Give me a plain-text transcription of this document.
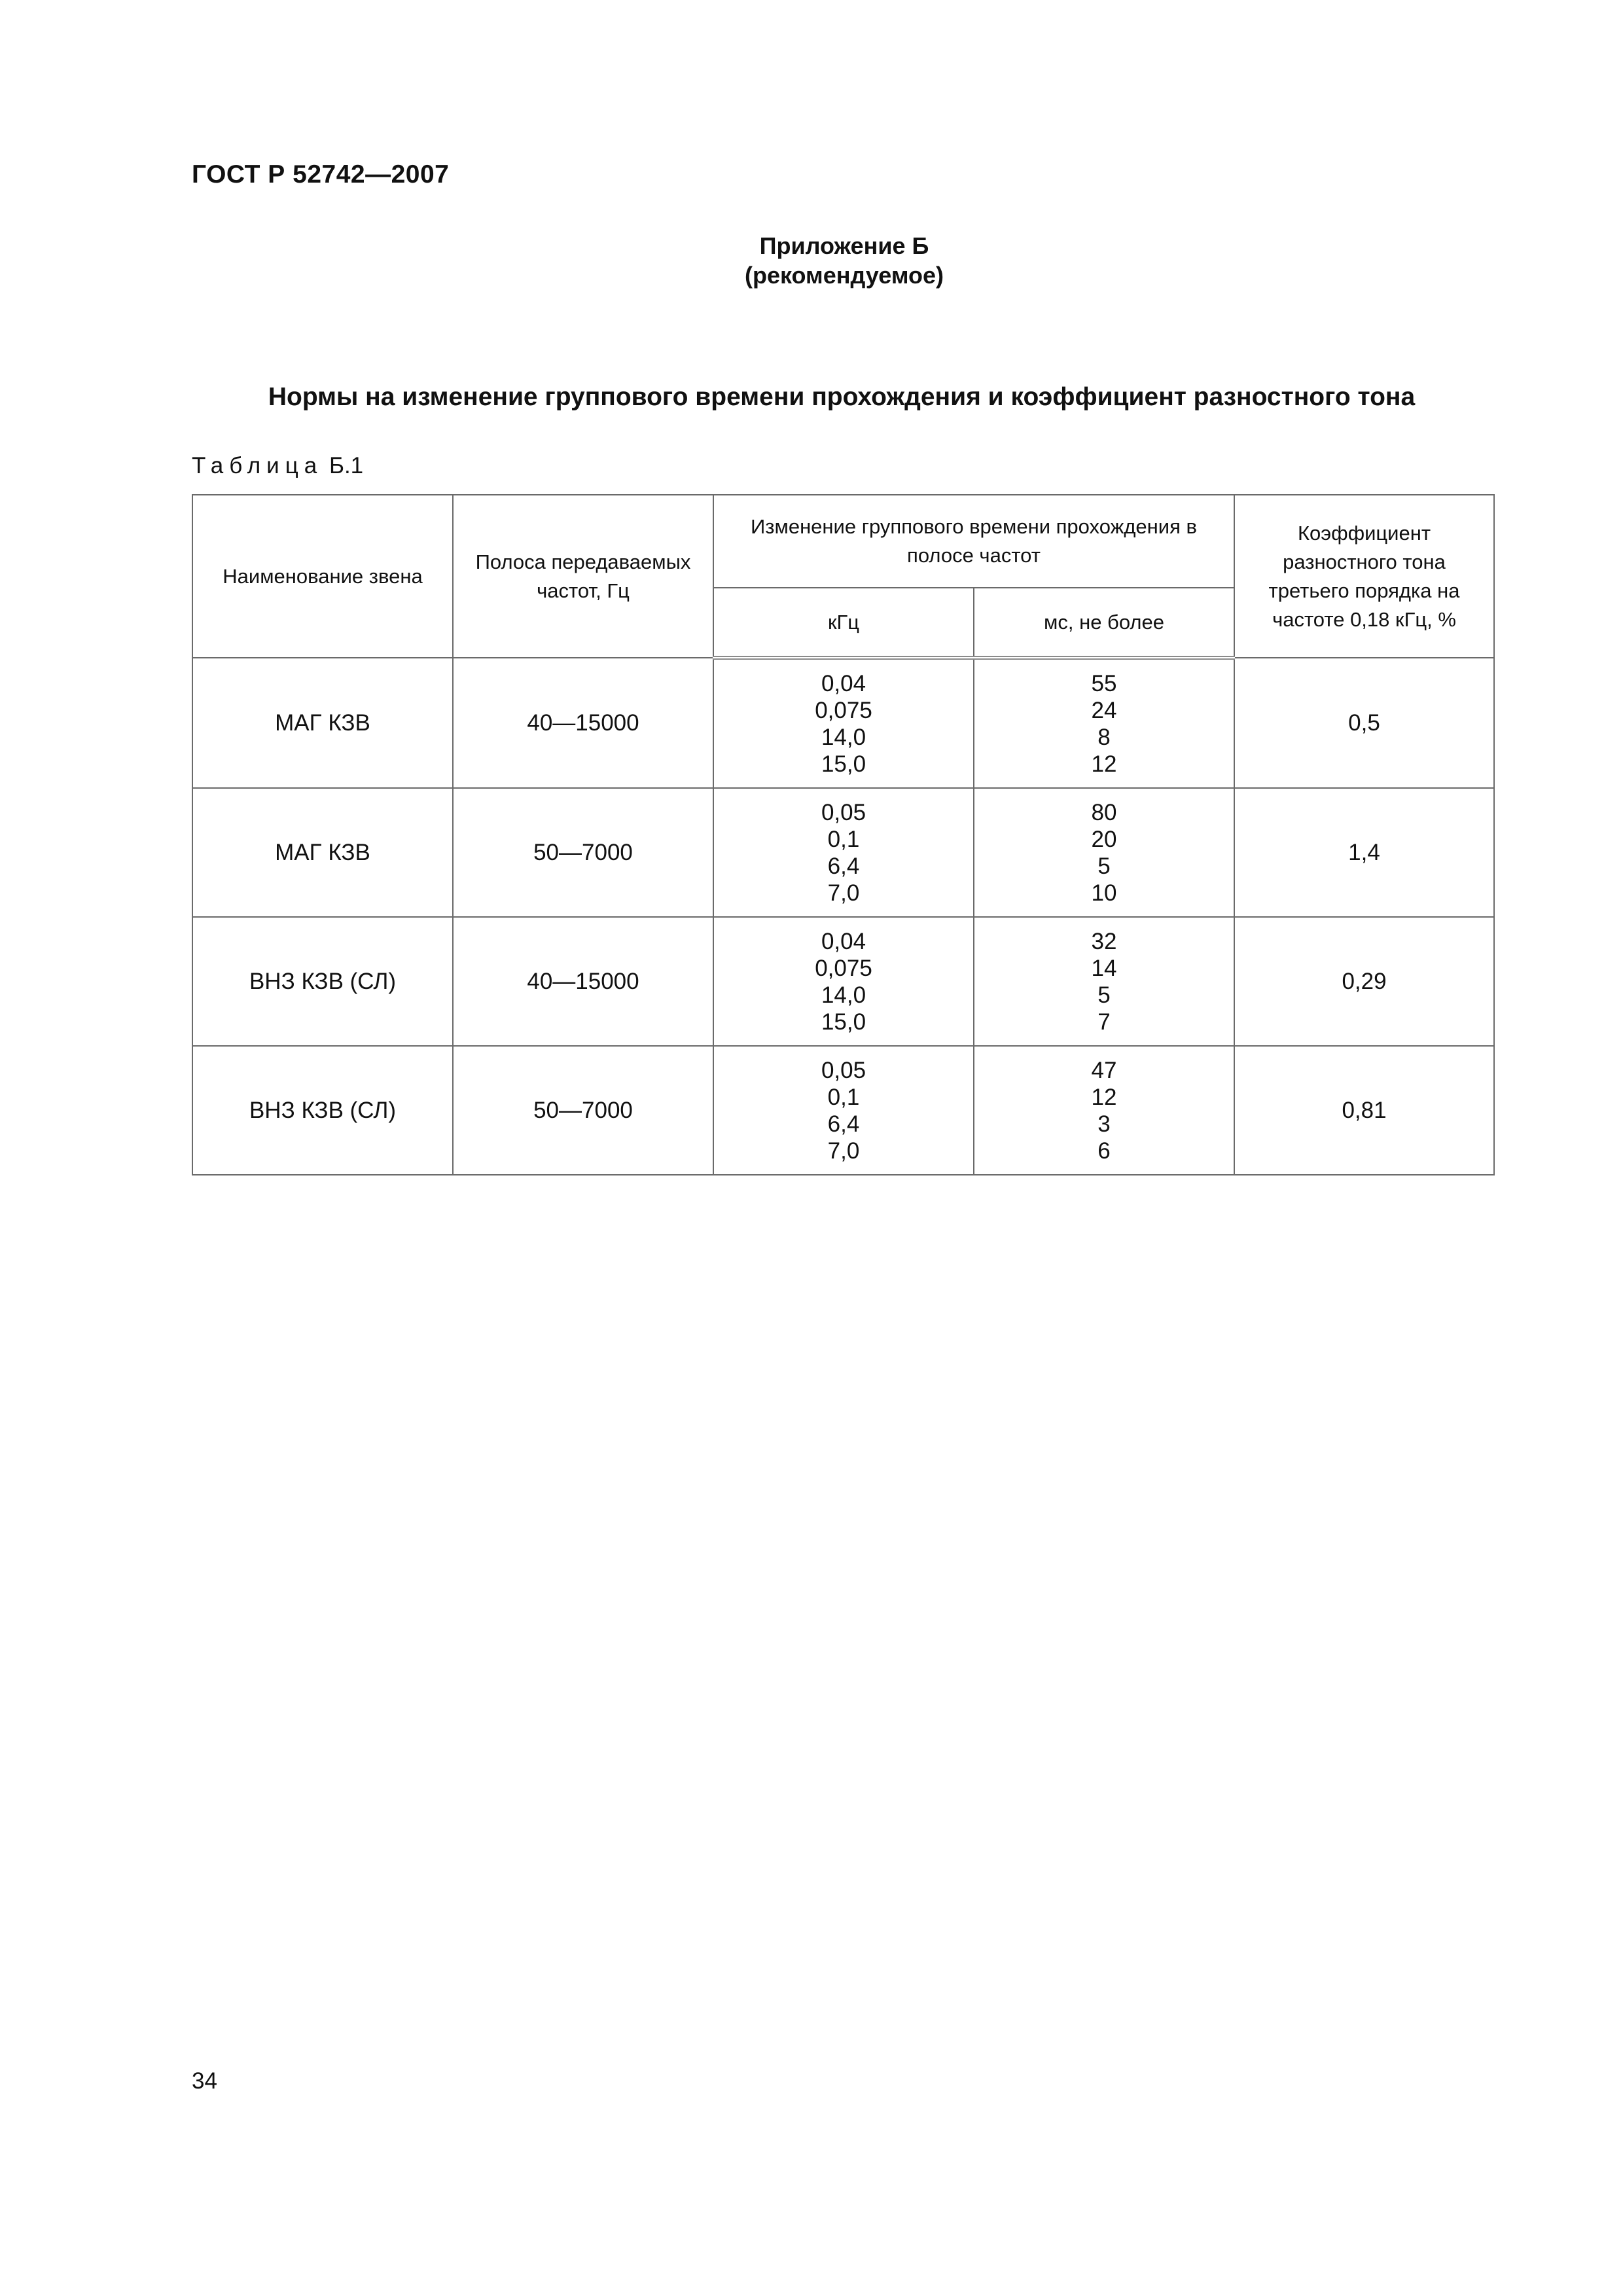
ГОСТ Р 52742—2007
Приложение Б
(рекомендуемое)
Нормы на изменение группового времени прохождения и коэффициент разностного тона
Таблица Б.1
Наименование звена	Полоса передаваемых частот, Гц	Изменение группового времени прохождения в полосе частот		Коэффициент разностного тона третьего порядка на частоте 0,18 кГц, %
		кГц	мс, не более	
МАГ КЗВ	40—15000	0,04
0,075
14,0
15,0	55
24
8
12	0,5
МАГ КЗВ	50—7000	0,05
0,1
6,4
7,0	80
20
5
10	1,4
ВНЗ КЗВ (СЛ)	40—15000	0,04
0,075
14,0
15,0	32
14
5
7	0,29
ВНЗ КЗВ (СЛ)	50—7000	0,05
0,1
6,4
7,0	47
12
3
6	0,81
34
